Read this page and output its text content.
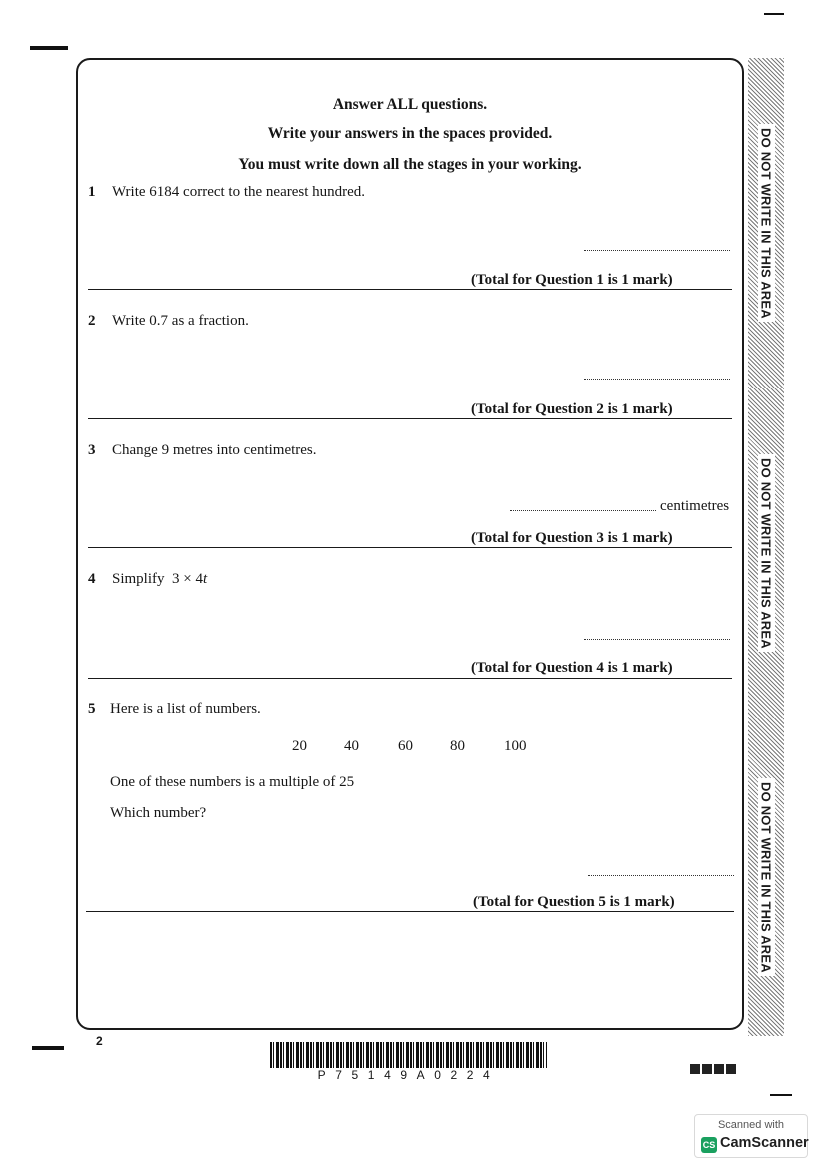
Answer ALL questions.
Write your answers in the spaces provided.
You must write down all the stages in your working.
1 Write 6184 correct to the nearest hundred.
(Total for Question 1 is 1 mark)
2 Write 0.7 as a fraction.
(Total for Question 2 is 1 mark)
3 Change 9 metres into centimetres.
centimetres
(Total for Question 3 is 1 mark)
4 Simplify  3 × 4t
(Total for Question 4 is 1 mark)
5 Here is a list of numbers.
20 40	60 80	100
One of these numbers is a multiple of 25
Which number?
(Total for Question 5 is 1 mark)
DO NOT WRITE IN THIS AREA
DO NOT WRITE IN THIS AREA
DO NOT WRITE IN THIS AREA
2
P75149A0224
Scanned with
CS CamScanner
